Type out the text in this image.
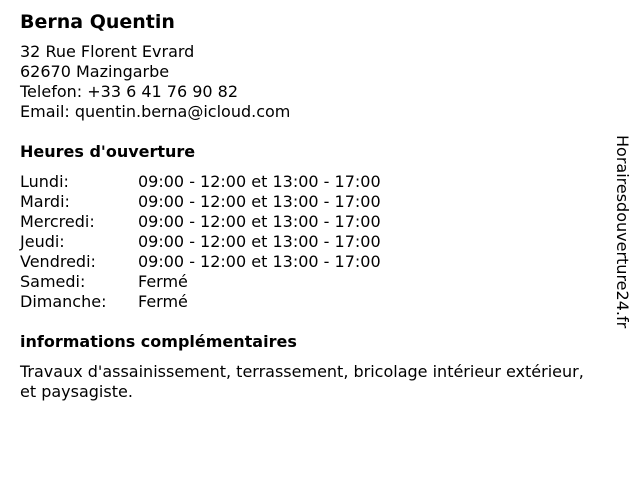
Berna Quentin
32 Rue Florent Evrard
62670 Mazingarbe
Telefon: +33 6 41 76 90 82
Email: quentin.berna@icloud.com
Heures d'ouverture
Lundi:	09:00 - 12:00 et 13:00 - 17:00
Mardi:	09:00 - 12:00 et 13:00 - 17:00
Mercredi:	09:00 - 12:00 et 13:00 - 17:00
Jeudi:	09:00 - 12:00 et 13:00 - 17:00
Vendredi:	09:00 - 12:00 et 13:00 - 17:00
Samedi:	Fermé
Dimanche:	Fermé
informations complémentaires
Travaux d'assainissement, terrassement, bricolage intérieur extérieur, et paysagiste.
Horairesdouverture24.fr
